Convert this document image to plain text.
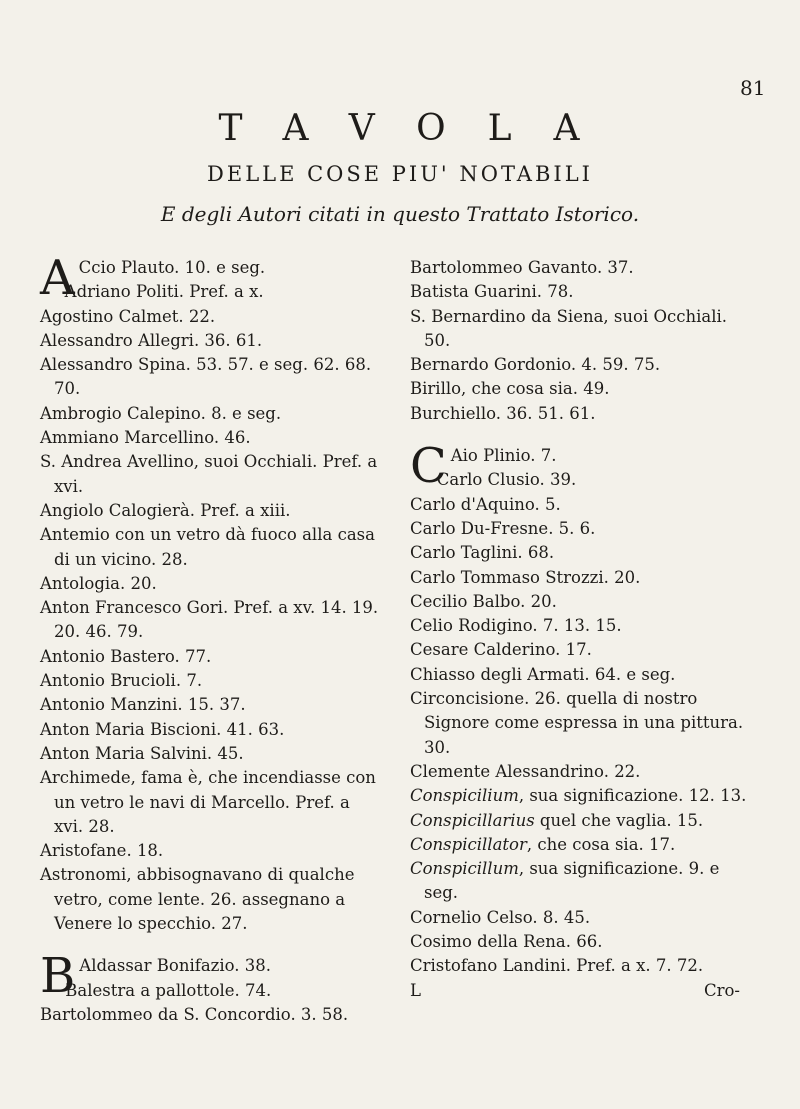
81
TAVOLA
DELLE COSE PIU' NOTABILI
E degli Autori citati in questo Trattato Istorico.
A Ccio Plauto. 10. e seg.
Adriano Politi. Pref. a x.
Agostino Calmet. 22.
Alessandro Allegri. 36. 61.
Alessandro Spina. 53. 57. e seg. 62. 68. 70.
Ambrogio Calepino. 8. e seg.
Ammiano Marcellino. 46.
S. Andrea Avellino, suoi Occhiali. Pref. a xvi.
Angiolo Calogierà. Pref. a xiii.
Antemio con un vetro dà fuoco alla casa di un vicino. 28.
Antologia. 20.
Anton Francesco Gori. Pref. a xv. 14. 19. 20. 46. 79.
Antonio Bastero. 77.
Antonio Brucioli. 7.
Antonio Manzini. 15. 37.
Anton Maria Biscioni. 41. 63.
Anton Maria Salvini. 45.
Archimede, fama è, che incendiasse con un vetro le navi di Marcello. Pref. a xvi. 28.
Aristofane. 18.
Astronomi, abbisognavano di qualche vetro, come lente. 26. assegnano a Venere lo specchio. 27.
B Aldassar Bonifazio. 38.
Balestra a pallottole. 74.
Bartolommeo da S. Concordio. 3. 58.
Bartolommeo Gavanto. 37.
Batista Guarini. 78.
S. Bernardino da Siena, suoi Occhiali. 50.
Bernardo Gordonio. 4. 59. 75.
Birillo, che cosa sia. 49.
Burchiello. 36. 51. 61.
C Aio Plinio. 7.
Carlo Clusio. 39.
Carlo d'Aquino. 5.
Carlo Du-Fresne. 5. 6.
Carlo Taglini. 68.
Carlo Tommaso Strozzi. 20.
Cecilio Balbo. 20.
Celio Rodigino. 7. 13. 15.
Cesare Calderino. 17.
Chiasso degli Armati. 64. e seg.
Circoncisione. 26. quella di nostro Signore come espressa in una pittura. 30.
Clemente Alessandrino. 22.
Conspicilium, sua significazione. 12. 13.
Conspicillarius quel che vaglia. 15.
Conspicillator, che cosa sia. 17.
Conspicillum, sua significazione. 9. e seg.
Cornelio Celso. 8. 45.
Cosimo della Rena. 66.
Cristofano Landini. Pref. a x. 7. 72.
L	Cro-
